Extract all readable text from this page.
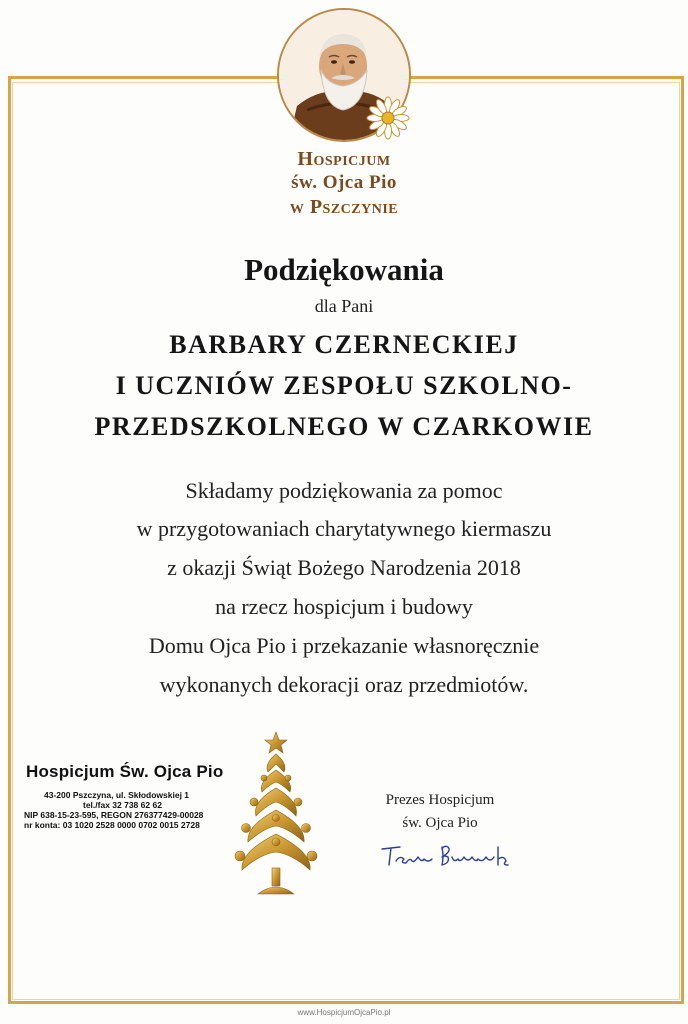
Hospicjum
św. Ojca Pio
w Pszczynie
Podziękowania
dla Pani
BARBARY CZERNECKIEJ
I UCZNIÓW ZESPOŁU SZKOLNO-
PRZEDSZKOLNEGO W CZARKOWIE
Składamy podziękowania za pomoc
w przygotowaniach charytatywnego kiermaszu
z okazji Świąt Bożego Narodzenia 2018
na rzecz hospicjum i budowy
Domu Ojca Pio i przekazanie własnoręcznie
wykonanych dekoracji oraz przedmiotów.
Hospicjum Św. Ojca Pio
43-200 Pszczyna, ul. Skłodowskiej 1
tel./fax 32 738 62 62
NIP 638-15-23-595, REGON 276377429-00028
nr konta: 03 1020 2528 0000 0702 0015 2728
Prezes Hospicjum
św. Ojca Pio
www.HospicjumOjcaPio.pl
